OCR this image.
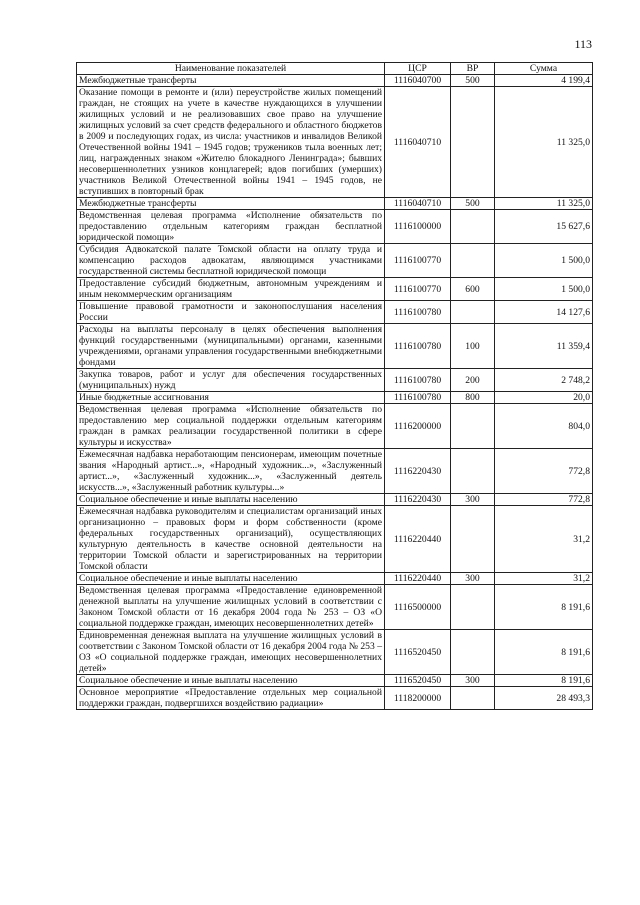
113
Наименование показателей	ЦСР	ВР	Сумма
Межбюджетные трансферты	1116040700	500	4 199,4
Оказание помощи в ремонте и (или) переустройстве жилых помещений граждан, не стоящих на учете в качестве нуждающихся в улучшении жилищных условий и не реализовавших свое право на улучшение жилищных условий за счет средств федерального и областного бюджетов в 2009 и последующих годах, из числа: участников и инвалидов Великой Отечественной войны 1941 – 1945 годов; тружеников тыла военных лет; лиц, награжденных знаком «Жителю блокадного Ленинграда»; бывших несовершеннолетних узников концлагерей; вдов погибших (умерших) участников Великой Отечественной войны 1941 – 1945 годов, не вступивших в повторный брак	1116040710		11 325,0
Межбюджетные трансферты	1116040710	500	11 325,0
Ведомственная целевая программа «Исполнение обязательств по предоставлению отдельным категориям граждан бесплатной юридической помощи»	1116100000		15 627,6
Субсидия Адвокатской палате Томской области на оплату труда и компенсацию расходов адвокатам, являющимся участниками государственной системы бесплатной юридической помощи	1116100770		1 500,0
Предоставление субсидий бюджетным, автономным учреждениям и иным некоммерческим организациям	1116100770	600	1 500,0
Повышение правовой грамотности и законопослушания населения России	1116100780		14 127,6
Расходы на выплаты персоналу в целях обеспечения выполнения функций государственными (муниципальными) органами, казенными учреждениями, органами управления государственными внебюджетными фондами	1116100780	100	11 359,4
Закупка товаров, работ и услуг для обеспечения государственных (муниципальных) нужд	1116100780	200	2 748,2
Иные бюджетные ассигнования	1116100780	800	20,0
Ведомственная целевая программа «Исполнение обязательств по предоставлению мер социальной поддержки отдельным категориям граждан в рамках реализации государственной политики в сфере культуры и искусства»	1116200000		804,0
Ежемесячная надбавка неработающим пенсионерам, имеющим почетные звания «Народный артист...», «Народный художник...», «Заслуженный артист...», «Заслуженный художник...», «Заслуженный деятель искусств...», «Заслуженный работник культуры...»	1116220430		772,8
Социальное обеспечение и иные выплаты населению	1116220430	300	772,8
Ежемесячная надбавка руководителям и специалистам организаций иных организационно – правовых форм и форм собственности (кроме федеральных государственных организаций), осуществляющих культурную деятельность в качестве основной деятельности на территории Томской области и зарегистрированных на территории Томской области	1116220440		31,2
Социальное обеспечение и иные выплаты населению	1116220440	300	31,2
Ведомственная целевая программа «Предоставление единовременной денежной выплаты на улучшение жилищных условий в соответствии с Законом Томской области от 16 декабря 2004 года № 253 – ОЗ «О социальной поддержке граждан, имеющих несовершеннолетних детей»	1116500000		8 191,6
Единовременная денежная выплата на улучшение жилищных условий в соответствии с Законом Томской области от 16 декабря 2004 года № 253 – ОЗ «О социальной поддержке граждан, имеющих несовершеннолетних детей»	1116520450		8 191,6
Социальное обеспечение и иные выплаты населению	1116520450	300	8 191,6
Основное мероприятие «Предоставление отдельных мер социальной поддержки граждан, подвергшихся воздействию радиации»	1118200000		28 493,3
